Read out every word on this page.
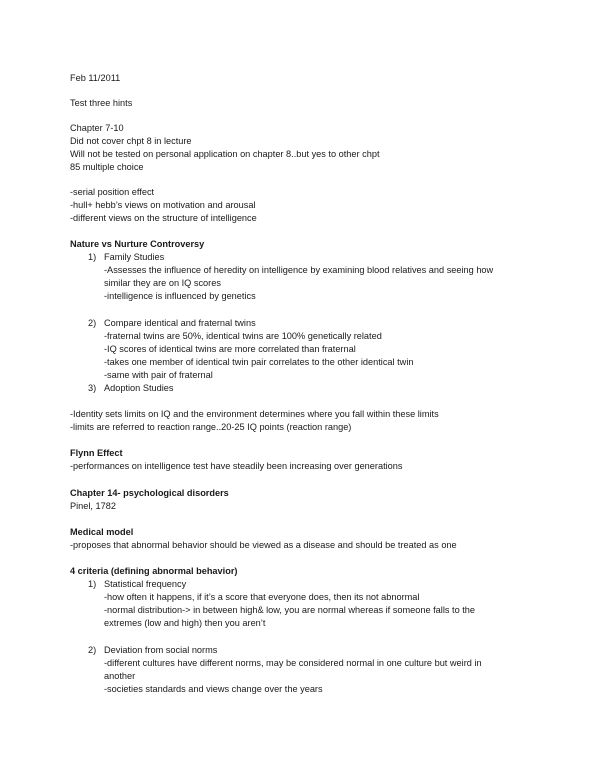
Feb 11/2011
Test three hints
Chapter 7-10
Did not cover chpt 8 in lecture
Will not be tested on personal application on chapter 8..but yes to other chpt
85 multiple choice
-serial position effect
-hull+ hebb’s views on motivation and arousal
-different views on the structure of intelligence
Nature vs Nurture Controversy
1) Family Studies
-Assesses the influence of heredity on intelligence by examining blood relatives and seeing how
similar they are on IQ scores
-intelligence is influenced by genetics
2) Compare identical and fraternal twins
-fraternal twins are 50%, identical twins are 100% genetically related
-IQ scores of identical twins are more correlated than fraternal
-takes one member of identical twin pair correlates to the other identical twin
-same with pair of fraternal
3) Adoption Studies
-Identity sets limits on IQ and the environment determines where you fall within these limits
-limits are referred to reaction range..20-25 IQ points (reaction range)
Flynn Effect
-performances on intelligence test have steadily been increasing over generations
Chapter 14- psychological disorders
Pinel, 1782
Medical model
-proposes that abnormal behavior should be viewed as a disease and should be treated as one
4 criteria (defining abnormal behavior)
1) Statistical frequency
-how often it happens, if it’s a score that everyone does, then its not abnormal
-normal distribution-> in between high& low, you are normal whereas if someone falls to the
extremes (low and high) then you aren’t
2) Deviation from social norms
-different cultures have different norms, may be considered normal in one culture but weird in
another
-societies standards and views change over the years
